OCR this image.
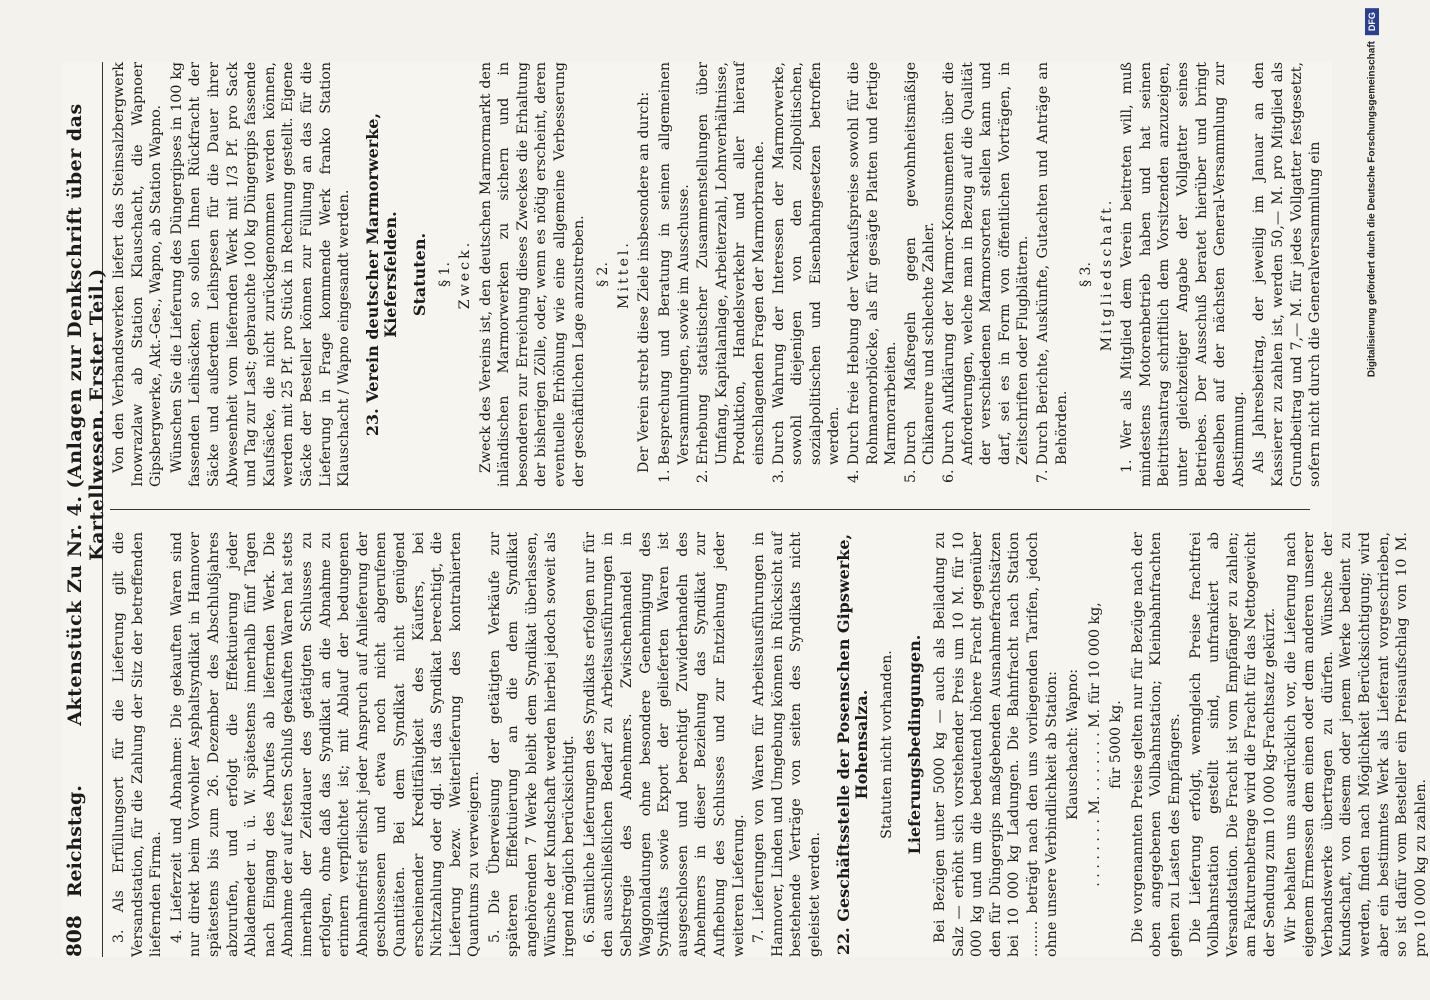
808
Reichstag.
Aktenstück Zu Nr. 4. (Anlagen zur Denkschrift über das Kartellwesen. Erster Teil.)

3. Als Erfüllungsort für die Lieferung gilt die Versandstation, für die Zahlung der Sitz der betreffenden liefernden Firma. 4. Lieferzeit und Abnahme: Die gekauften Waren sind nur direkt beim Vorwohler Asphaltsyndikat in Hannover spätestens bis zum 26. Dezember des Abschlußjahres abzurufen, und erfolgt die Effektuierung jeder Ablademeder u. ü. W. spätestens innerhalb fünf Tagen nach Eingang des Abrufes ab liefernden Werk. Die Abnahme der auf festen Schluß gekauften Waren hat stets innerhalb der Zeitdauer des getätigten Schlusses zu erfolgen, ohne daß das Syndikat an die Abnahme zu erinnern verpflichtet ist; mit Ablauf der bedungenen Abnahmefrist erlischt jeder Anspruch auf Anlieferung der geschlossenen und etwa noch nicht abgerufenen Quantitäten. Bei dem Syndikat nicht genügend erscheinender Kreditfähigkeit des Käufers, bei Nichtzahlung oder dgl. ist das Syndikat berechtigt, die Lieferung bezw. Weiterlieferung des kontrahierten Quantums zu verweigern. 5. Die Überweisung der getätigten Verkäufe zur späteren Effektuierung an die dem Syndikat angehörenden 7 Werke bleibt dem Syndikat überlassen, Wünsche der Kundschaft werden hierbei jedoch soweit als irgend möglich berücksichtigt. 6. Sämtliche Lieferungen des Syndikats erfolgen nur für den ausschließlichen Bedarf zu Arbeitsausführungen in Selbstregie des Abnehmers. Zwischenhandel in Waggonladungen ohne besondere Genehmigung des Syndikats sowie Export der gelieferten Waren ist ausgeschlossen und berechtigt Zuwiderhandeln des Abnehmers in dieser Beziehung das Syndikat zur Aufhebung des Schlusses und zur Entziehung jeder weiteren Lieferung. 7. Lieferungen von Waren für Arbeitsausführungen in Hannover, Linden und Umgebung können in Rücksicht auf bestehende Verträge von seiten des Syndikats nicht geleistet werden. 22. Geschäftsstelle der Posenschen Gipswerke, Hohensalza. Statuten nicht vorhanden. Lieferungsbedingungen. Bei Bezügen unter 5000 kg — auch als Beiladung zu Salz — erhöht sich vorstehender Preis um 10 M. für 10 000 kg und um die bedeutend höhere Fracht gegenüber den für Düngergips maßgebenden Ausnahmefrachtsätzen bei 10 000 kg Ladungen. Die Bahnfracht nach Station ........ beträgt nach den uns vorliegenden Tarifen, jedoch ohne unsere Verbindlichkeit ab Station: Klauschacht: Wapno: . . . . . . . . M. . . . . . . . M. für 10 000 kg, für 5000 kg. Die vorgenannten Preise gelten nur für Bezüge nach der oben angegebenen Vollbahnstation; Kleinbahnfrachten gehen zu Lasten des Empfängers. Die Lieferung erfolgt, wenngleich Preise frachtfrei Vollbahnstation gestellt sind, unfrankiert ab Versandstation. Die Fracht ist vom Empfänger zu zahlen; am Fakturenbetrage wird die Fracht für das Nettogewicht der Sendung zum 10 000 kg-Frachtsatz gekürzt. Wir behalten uns ausdrücklich vor, die Lieferung nach eigenem Ermessen dem einen oder dem anderen unserer Verbandswerke übertragen zu dürfen. Wünsche der Kundschaft, von diesem oder jenem Werke bedient zu werden, finden nach Möglichkeit Berücksichtigung; wird aber ein bestimmtes Werk als Lieferant vorgeschrieben, so ist dafür vom Besteller ein Preisaufschlag von 10 M. pro 10 000 kg zu zahlen.

Von den Verbandswerken liefert das Steinsalzbergwerk Inowrazlaw ab Station Klauschacht, die Wapnoer Gipsbergwerke, Akt.-Ges., Wapno, ab Station Wapno. Wünschen Sie die Lieferung des Düngergipses in 100 kg fassenden Leihsäcken, so sollen Ihnen Rückfracht der Säcke und außerdem Leihspesen für die Dauer ihrer Abwesenheit vom liefernden Werk mit 1/3 Pf. pro Sack und Tag zur Last; gebrauchte 100 kg Düngergips fassende Kaufsäcke, die nicht zurückgenommen werden können, werden mit 25 Pf. pro Stück in Rechnung gestellt. Eigene Säcke der Besteller können zur Füllung an das für die Lieferung in Frage kommende Werk franko Station Klauschacht / Wapno eingesandt werden. 23. Verein deutscher Marmorwerke, Kiefersfelden. Statuten. § 1. Zweck. Zweck des Vereins ist, den deutschen Marmormarkt den inländischen Marmorwerken zu sichern und in besonderen zur Erreichung dieses Zweckes die Erhaltung der bisherigen Zölle, oder, wenn es nötig erscheint, deren eventuelle Erhöhung wie eine allgemeine Verbesserung der geschäftlichen Lage anzustreben. § 2. Mittel. Der Verein strebt diese Ziele insbesondere an durch: 1. Besprechung und Beratung in seinen allgemeinen Versammlungen, sowie im Ausschusse. 2. Erhebung statistischer Zusammenstellungen über Umfang, Kapitalanlage, Arbeiterzahl, Lohnverhältnisse, Produktion, Handelsverkehr und aller hierauf einschlagenden Fragen der Marmorbranche. 3. Durch Wahrung der Interessen der Marmorwerke, sowohl diejenigen von den zollpolitischen, sozialpolitischen und Eisenbahngesetzen betroffen werden. 4. Durch freie Hebung der Verkaufspreise sowohl für die Rohmarmorblöcke, als für gesägte Platten und fertige Marmorarbeiten. 5. Durch Maßregeln gegen gewohnheitsmäßige Chikaneure und schlechte Zahler. 6. Durch Aufklärung der Marmor-Konsumenten über die Anforderungen, welche man in Bezug auf die Qualität der verschiedenen Marmorsorten stellen kann und darf, sei es in Form von öffentlichen Vorträgen, in Zeitschriften oder Flugblättern. 7. Durch Berichte, Auskünfte, Gutachten und Anträge an Behörden.
§ 3. Mitgliedschaft. 1. Wer als Mitglied dem Verein beitreten will, muß mindestens Motorenbetrieb haben und hat seinen Beitrittsantrag schriftlich dem Vorsitzenden anzuzeigen, unter gleichzeitiger Angabe der Vollgatter seines Betriebes. Der Ausschuß beratet hierüber und bringt denselben auf der nächsten General-Versammlung zur Abstimmung. Als Jahresbeitrag, der jeweilig im Januar an den Kassierer zu zahlen ist, werden 50,— M. pro Mitglied als Grundbeitrag und 7,— M. für jedes Vollgatter festgesetzt, sofern nicht durch die Generalversammlung ein	Digitalisierung gefördert durch die Deutsche Forschungsgemeinschaft
DFG
